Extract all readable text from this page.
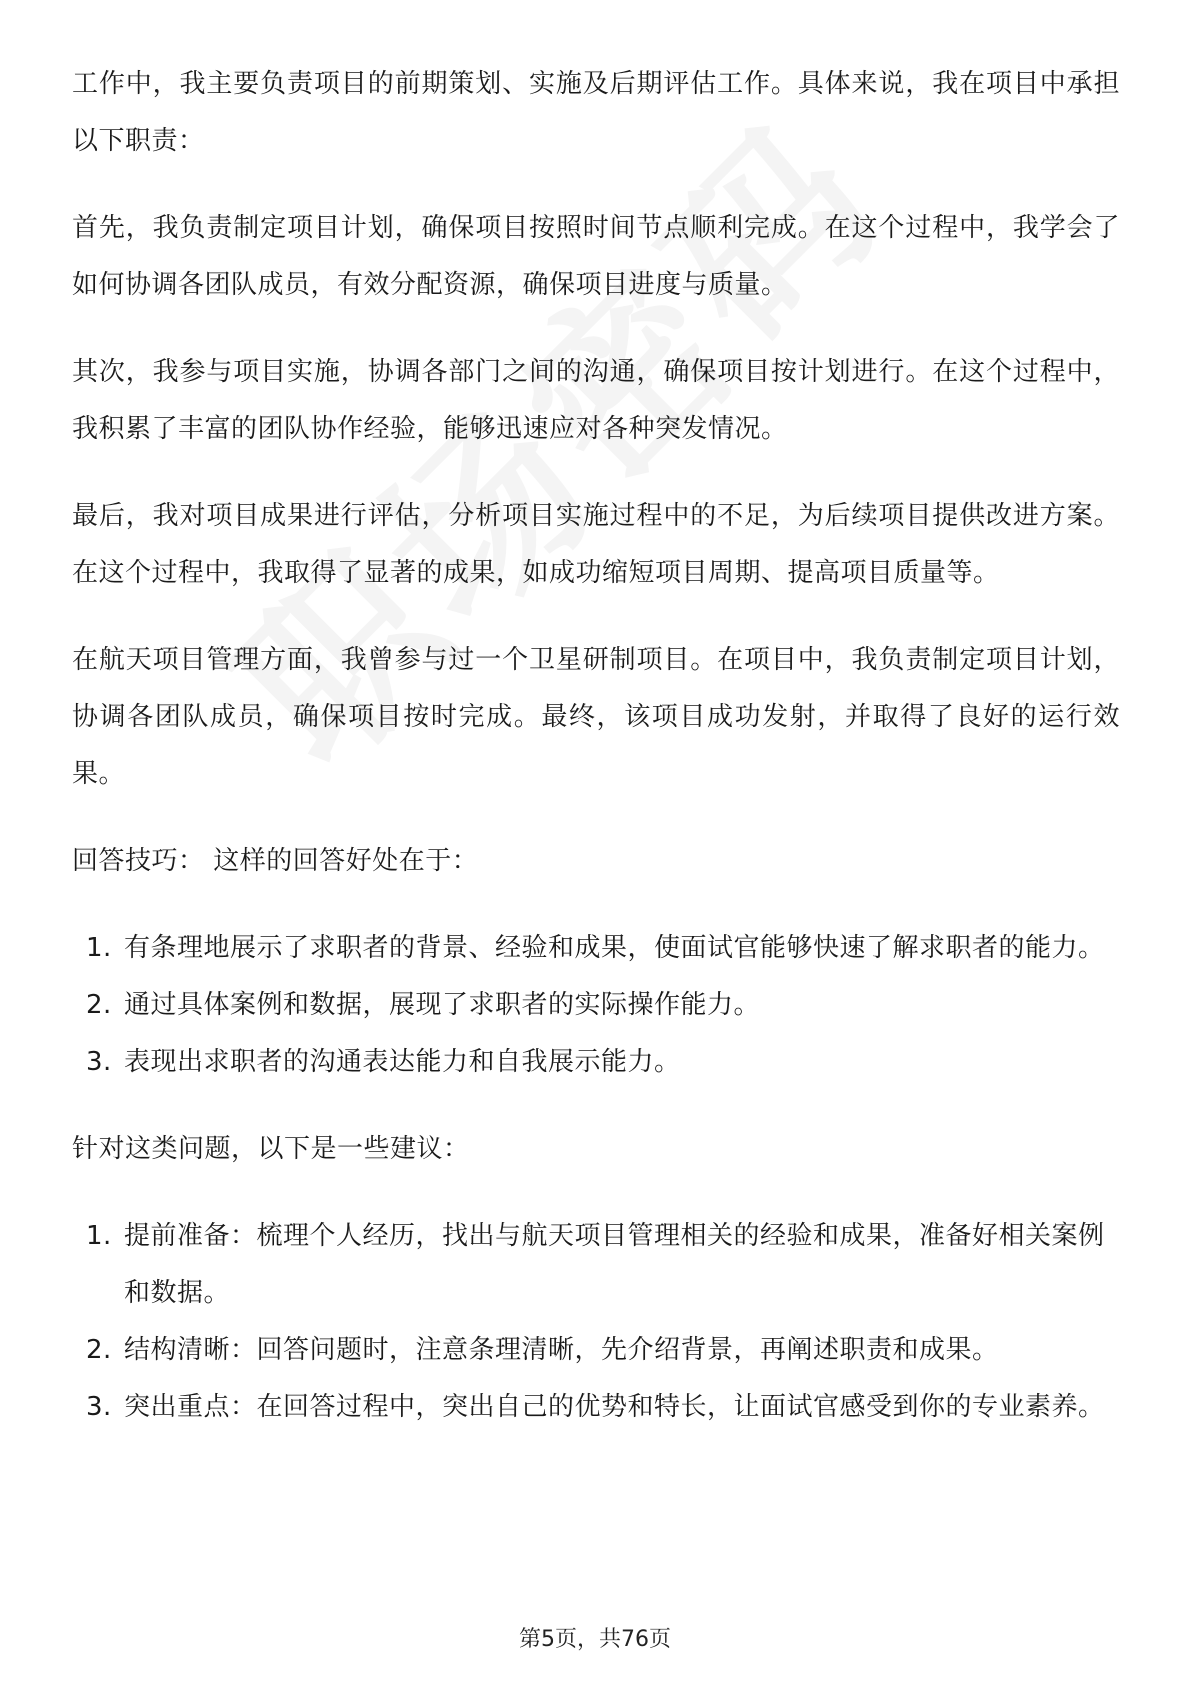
工作中，我主要负责项目的前期策划、实施及后期评估工作。具体来说，我在项目中承担以下职责：

首先，我负责制定项目计划，确保项目按照时间节点顺利完成。在这个过程中，我学会了如何协调各团队成员，有效分配资源，确保项目进度与质量。

其次，我参与项目实施，协调各部门之间的沟通，确保项目按计划进行。在这个过程中，我积累了丰富的团队协作经验，能够迅速应对各种突发情况。

最后，我对项目成果进行评估，分析项目实施过程中的不足，为后续项目提供改进方案。在这个过程中，我取得了显著的成果，如成功缩短项目周期、提高项目质量等。

在航天项目管理方面，我曾参与过一个卫星研制项目。在项目中，我负责制定项目计划，协调各团队成员，确保项目按时完成。最终，该项目成功发射，并取得了良好的运行效果。

回答技巧： 这样的回答好处在于：

1. 有条理地展示了求职者的背景、经验和成果，使面试官能够快速了解求职者的能力。
2. 通过具体案例和数据，展现了求职者的实际操作能力。
3. 表现出求职者的沟通表达能力和自我展示能力。

针对这类问题，以下是一些建议：

1. 提前准备：梳理个人经历，找出与航天项目管理相关的经验和成果，准备好相关案例和数据。
2. 结构清晰：回答问题时，注意条理清晰，先介绍背景，再阐述职责和成果。
3. 突出重点：在回答过程中，突出自己的优势和特长，让面试官感受到你的专业素养。
第5页，共76页
